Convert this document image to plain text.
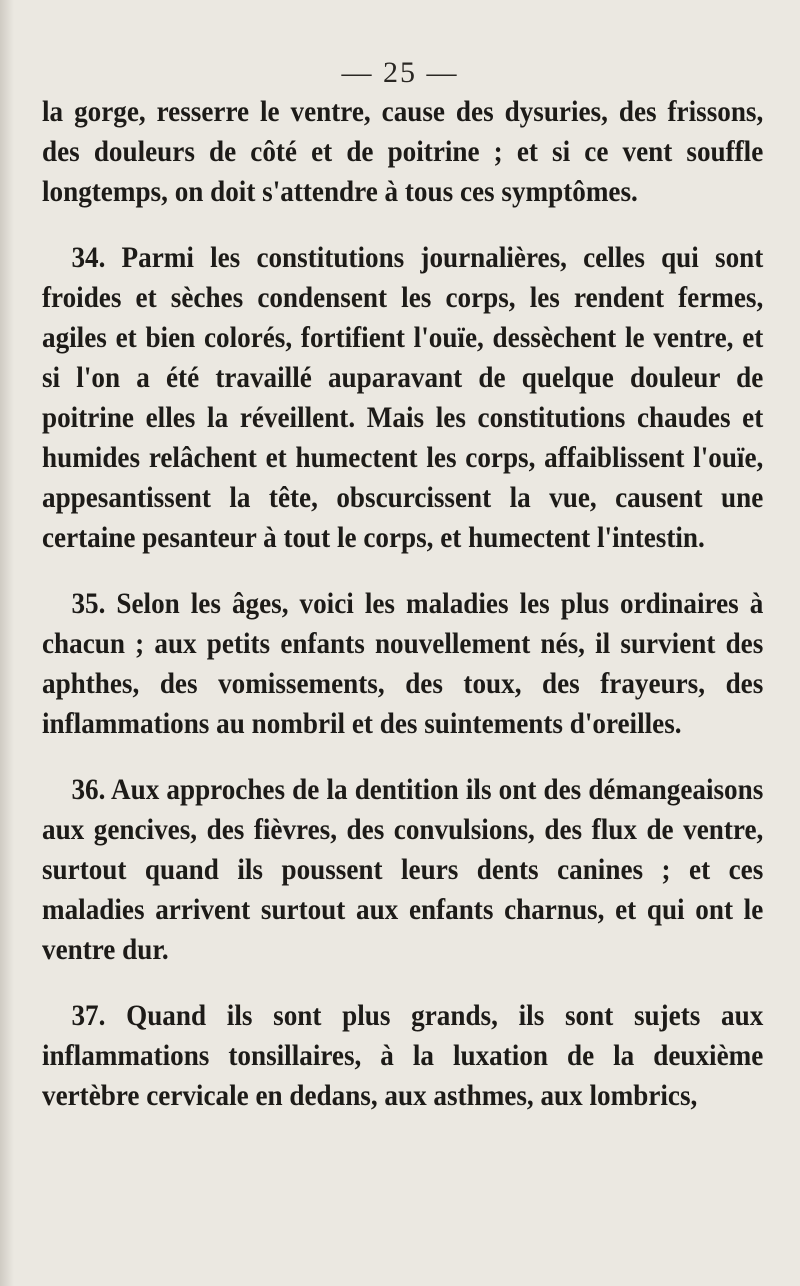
— 25 —

la gorge, resserre le ventre, cause des dysuries, des frissons, des douleurs de côté et de poitrine ; et si ce vent souffle longtemps, on doit s'attendre à tous ces symptômes.

34. Parmi les constitutions journalières, celles qui sont froides et sèches condensent les corps, les rendent fermes, agiles et bien colorés, fortifient l'ouïe, dessèchent le ventre, et si l'on a été travaillé auparavant de quelque douleur de poitrine elles la réveillent. Mais les constitutions chaudes et humides relâchent et humectent les corps, affaiblissent l'ouïe, appesantissent la tête, obscurcissent la vue, causent une certaine pesanteur à tout le corps, et humectent l'intestin.

35. Selon les âges, voici les maladies les plus ordinaires à chacun ; aux petits enfants nouvellement nés, il survient des aphthes, des vomissements, des toux, des frayeurs, des inflammations au nombril et des suintements d'oreilles.

36. Aux approches de la dentition ils ont des démangeaisons aux gencives, des fièvres, des convulsions, des flux de ventre, surtout quand ils poussent leurs dents canines ; et ces maladies arrivent surtout aux enfants charnus, et qui ont le ventre dur.

37. Quand ils sont plus grands, ils sont sujets aux inflammations tonsillaires, à la luxation de la deuxième vertèbre cervicale en dedans, aux asthmes, aux lombrics,
